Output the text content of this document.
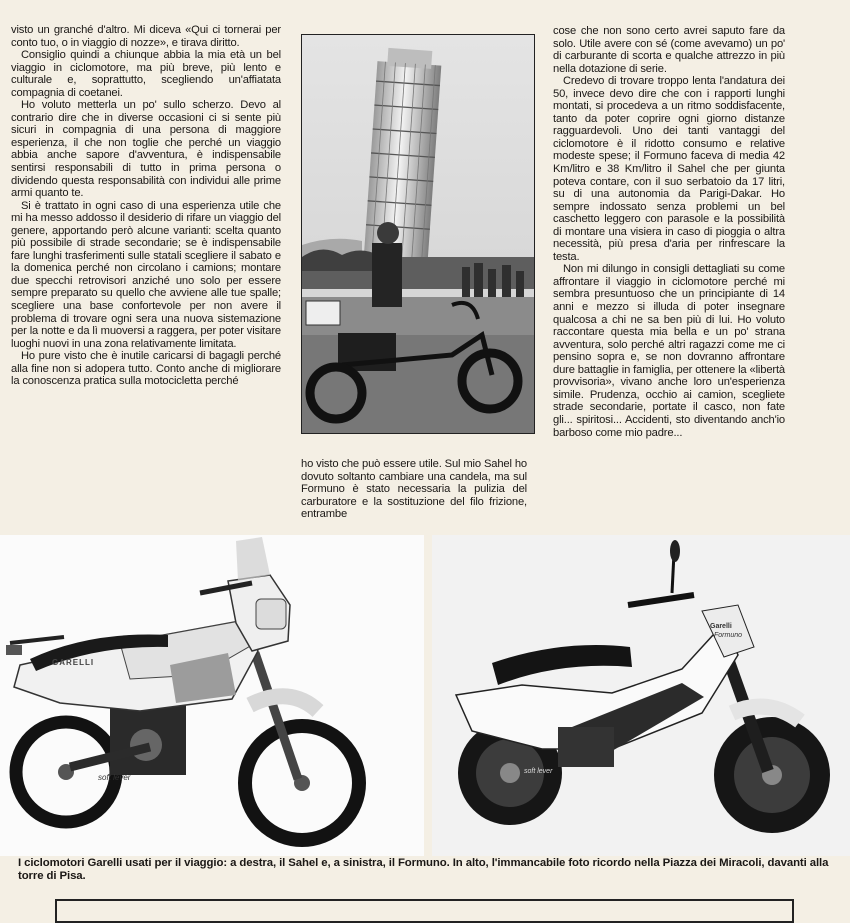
visto un granché d'altro. Mi diceva «Qui ci tornerai per conto tuo, o in viaggio di nozze», e tirava diritto.

Consiglio quindi a chiunque abbia la mia età un bel viaggio in ciclomotore, ma più breve, più lento e culturale e, soprattutto, scegliendo un'affiatata compagnia di coetanei.

Ho voluto metterla un po' sullo scherzo. Devo al contrario dire che in diverse occasioni ci si sente più sicuri in compagnia di una persona di maggiore esperienza, il che non toglie che perché un viaggio abbia anche sapore d'avventura, è indispensabile sentirsi responsabili di tutto in prima persona o dividendo questa responsabilità con individui alle prime armi quanto te.

Si è trattato in ogni caso di una esperienza utile che mi ha messo addosso il desiderio di rifare un viaggio del genere, apportando però alcune varianti: scelta quanto più possibile di strade secondarie; se è indispensabile fare lunghi trasferimenti sulle statali scegliere il sabato e la domenica perché non circolano i camions; montare due specchi retrovisori anziché uno solo per essere sempre preparato su quello che avviene alle tue spalle; scegliere una base confortevole per non avere il problema di trovare ogni sera una nuova sistemazione per la notte e da lì muoversi a raggera, per poter visitare luoghi nuovi in una zona relativamente limitata.

Ho pure visto che è inutile caricarsi di bagagli perché alla fine non si adopera tutto. Conto anche di migliorare la conoscenza pratica sulla motocicletta perché

ho visto che può essere utile. Sul mio Sahel ho dovuto soltanto cambiare una candela, ma sul Formuno è stato necessaria la pulizia del carburatore e la sostituzione del filo frizione, entrambe

cose che non sono certo avrei saputo fare da solo. Utile avere con sé (come avevamo) un po' di carburante di scorta e qualche attrezzo in più nella dotazione di serie.

Credevo di trovare troppo lenta l'andatura dei 50, invece devo dire che con i rapporti lunghi montati, si procedeva a un ritmo soddisfacente, tanto da poter coprire ogni giorno distanze ragguardevoli. Uno dei tanti vantaggi del ciclomotore è il ridotto consumo e relative modeste spese; il Formuno faceva di media 42 Km/litro e 38 Km/litro il Sahel che per giunta poteva contare, con il suo serbatoio da 17 litri, su di una autonomia da Parigi-Dakar. Ho sempre indossato senza problemi un bel caschetto leggero con parasole e la possibilità di montare una visiera in caso di pioggia o altra necessità, più presa d'aria per rinfrescare la testa.

Non mi dilungo in consigli dettagliati su come affrontare il viaggio in ciclomotore perché mi sembra presuntuoso che un principiante di 14 anni e mezzo si illuda di poter insegnare qualcosa a chi ne sa ben più di lui. Ho voluto raccontare questa mia bella e un po' strana avventura, solo perché altri ragazzi come me ci pensino sopra e, se non dovranno affrontare dure battaglie in famiglia, per ottenere la «libertà provvisoria», vivano anche loro un'esperienza simile. Prudenza, occhio ai camion, scegliete strade secondarie, portate il casco, non fate gli... spiritosi... Accidenti, sto diventando anch'io barboso come mio padre...

GARELLI
soft lever
Garelli
Formuno
soft lever
I ciclomotori Garelli usati per il viaggio: a destra, il Sahel e, a sinistra, il Formuno. In alto, l'immancabile foto ricordo nella Piazza dei Miracoli, davanti alla torre di Pisa.
